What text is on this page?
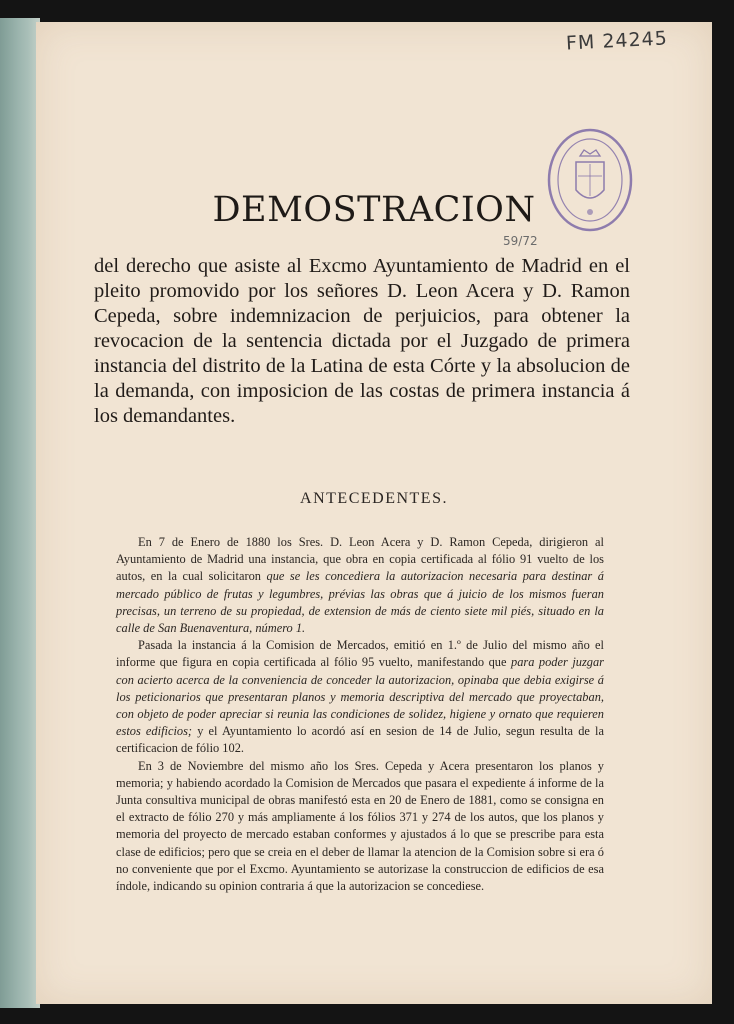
FM 24245
59/72
DEMOSTRACION
del derecho que asiste al Excmo Ayuntamiento de Madrid en el pleito promovido por los señores D. Leon Acera y D. Ramon Cepeda, sobre indemnizacion de perjuicios, para obtener la revocacion de la sentencia dictada por el Juzgado de primera instancia del distrito de la Latina de esta Córte y la absolucion de la demanda, con imposicion de las costas de primera instancia á los demandantes.
ANTECEDENTES.

En 7 de Enero de 1880 los Sres. D. Leon Acera y D. Ramon Cepeda, dirigieron al Ayuntamiento de Madrid una instancia, que obra en copia certificada al fólio 91 vuelto de los autos, en la cual solicitaron que se les concediera la autorizacion necesaria para destinar á mercado público de frutas y legumbres, prévias las obras que á juicio de los mismos fueran precisas, un terreno de su propiedad, de extension de más de ciento siete mil piés, situado en la calle de San Buenaventura, número 1.

Pasada la instancia á la Comision de Mercados, emitió en 1.º de Julio del mismo año el informe que figura en copia certificada al fólio 95 vuelto, manifestando que para poder juzgar con acierto acerca de la conveniencia de conceder la autorizacion, opinaba que debia exigirse á los peticionarios que presentaran planos y memoria descriptiva del mercado que proyectaban, con objeto de poder apreciar si reunia las condiciones de solidez, higiene y ornato que requieren estos edificios; y el Ayuntamiento lo acordó así en sesion de 14 de Julio, segun resulta de la certificacion de fólio 102.

En 3 de Noviembre del mismo año los Sres. Cepeda y Acera presentaron los planos y memoria; y habiendo acordado la Comision de Mercados que pasara el expediente á informe de la Junta consultiva municipal de obras manifestó esta en 20 de Enero de 1881, como se consigna en el extracto de fólio 270 y más ampliamente á los fólios 371 y 274 de los autos, que los planos y memoria del proyecto de mercado estaban conformes y ajustados á lo que se prescribe para esta clase de edificios; pero que se creia en el deber de llamar la atencion de la Comision sobre si era ó no conveniente que por el Excmo. Ayuntamiento se autorizase la construccion de edificios de esa índole, indicando su opinion contraria á que la autorizacion se concediese.
